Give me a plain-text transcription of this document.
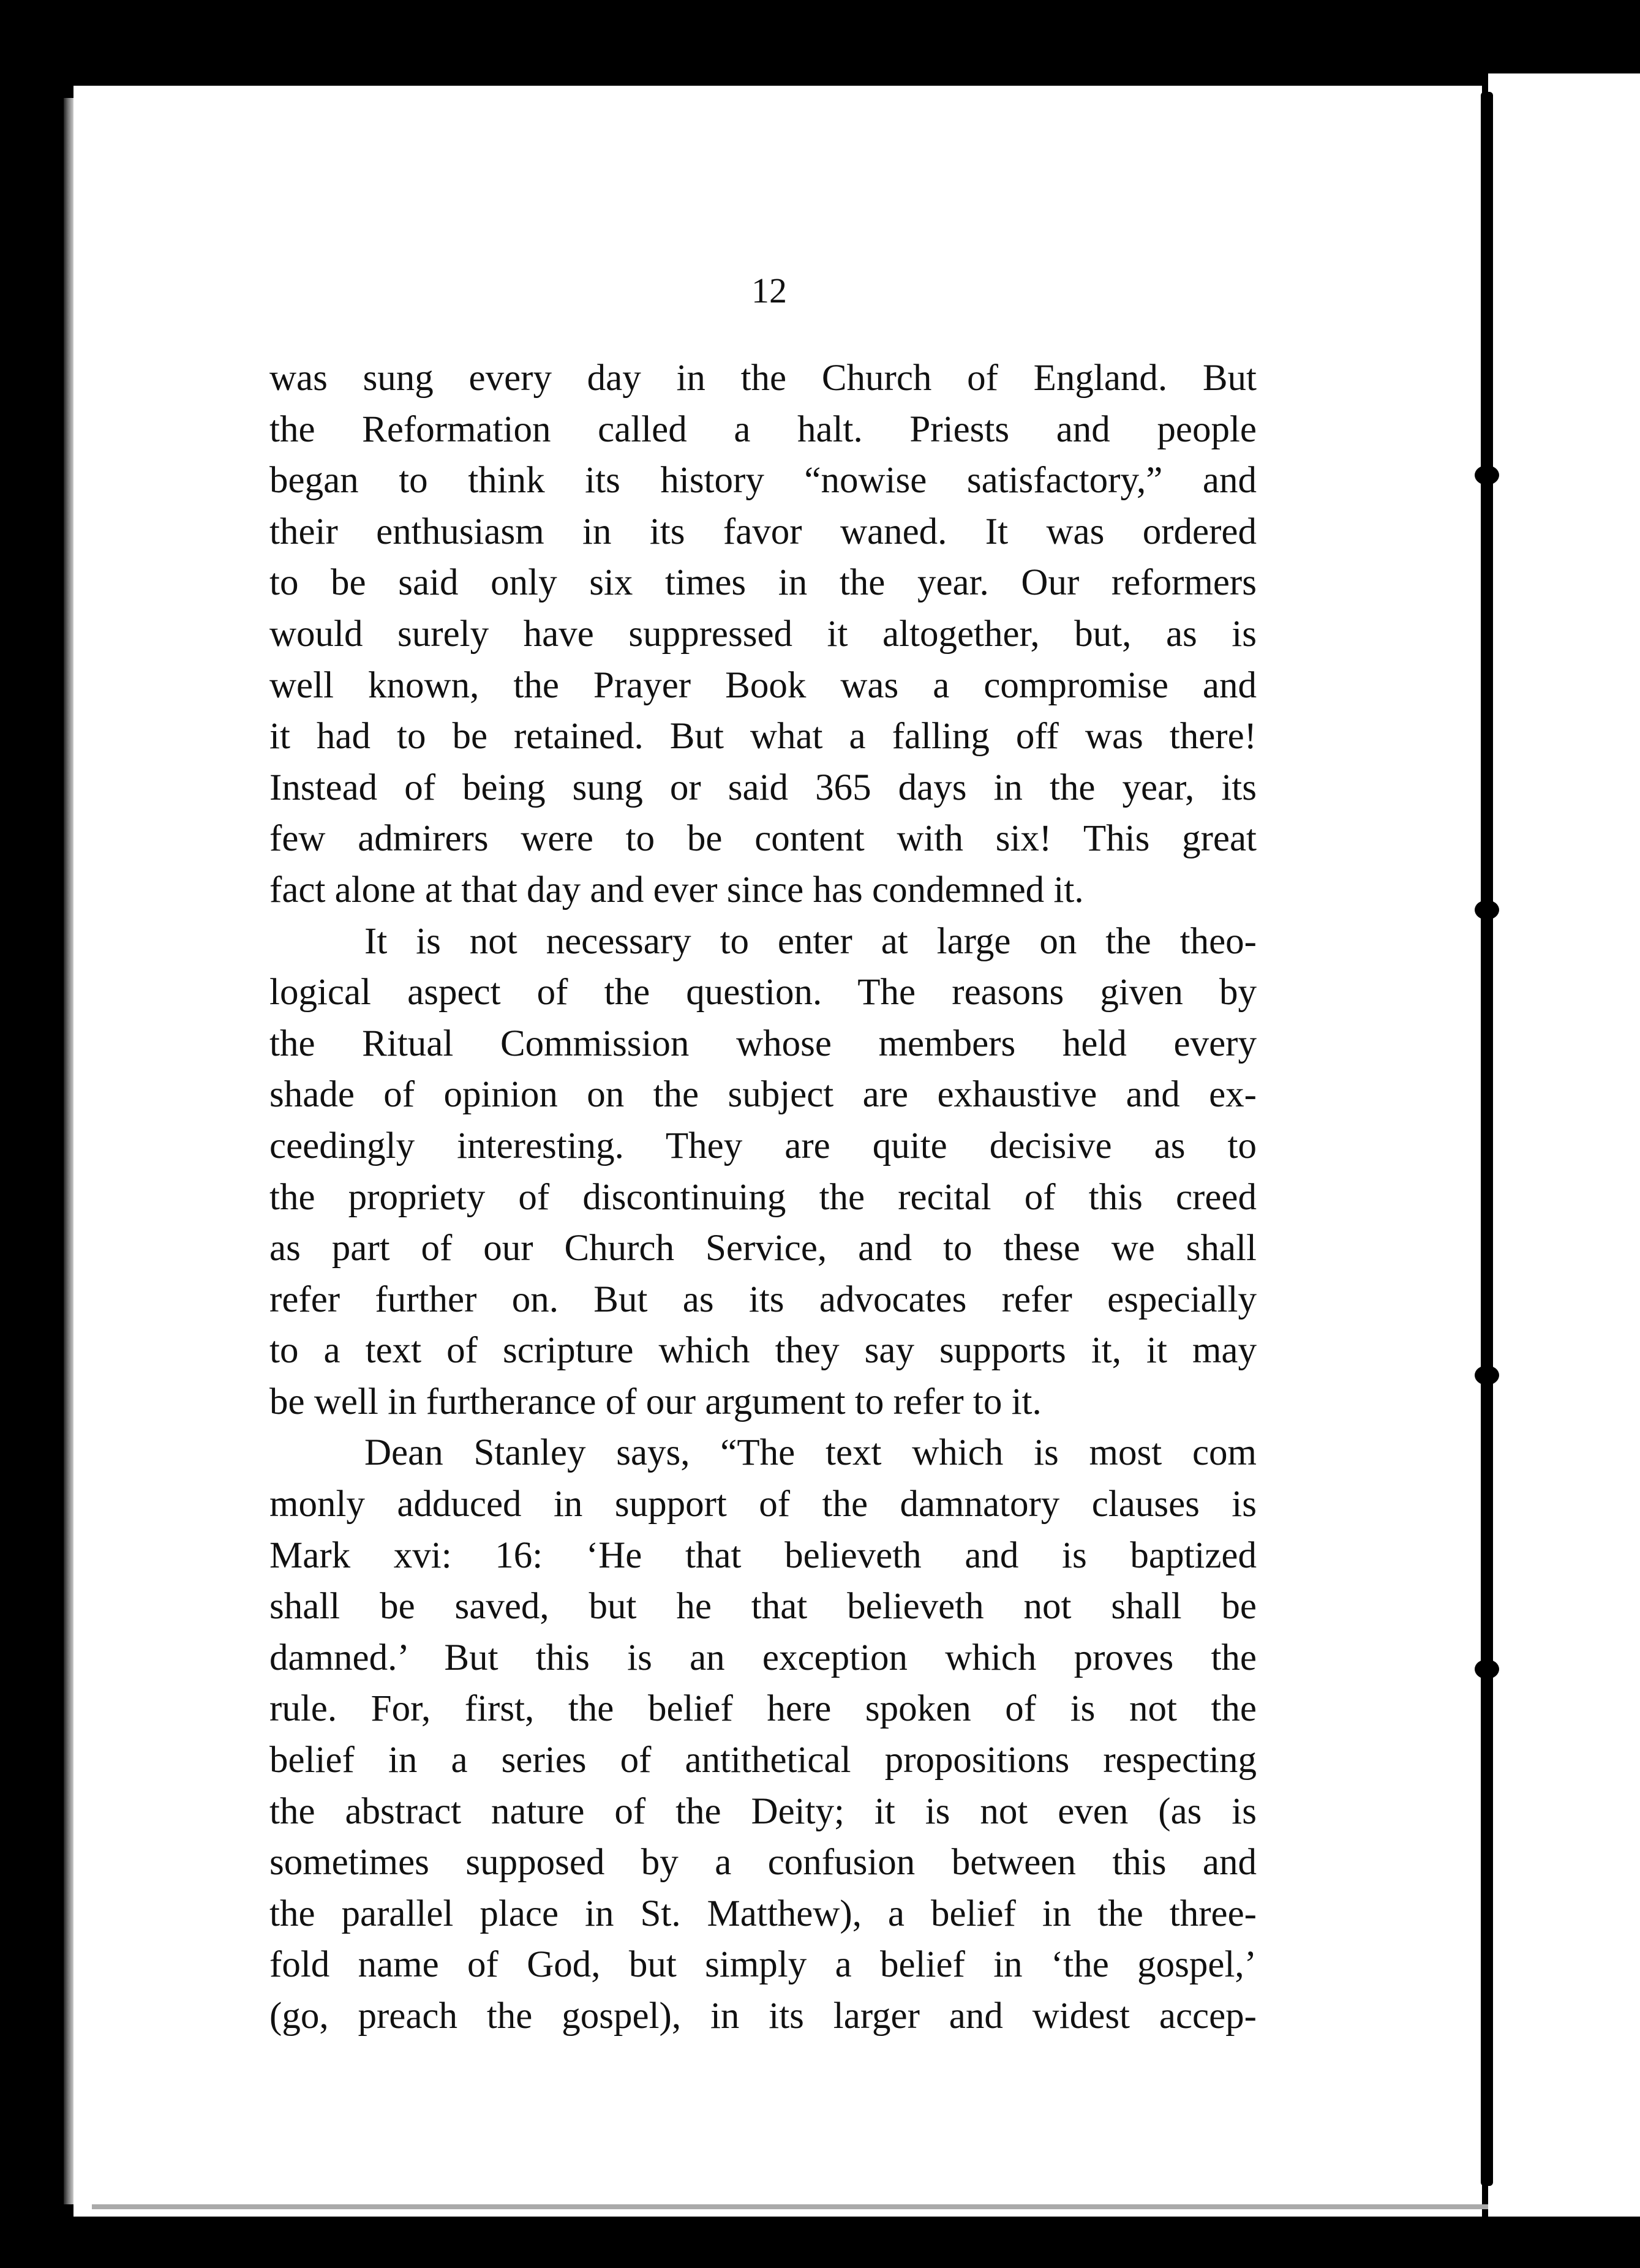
12
was sung every day in the Church of England. But
the Reformation called a halt. Priests and people
began to think its history “nowise satisfactory,” and
their enthusiasm in its favor waned. It was ordered
to be said only six times in the year. Our reformers
would surely have suppressed it altogether, but, as is
well known, the Prayer Book was a compromise and
it had to be retained. But what a falling off was there!
Instead of being sung or said 365 days in the year, its
few admirers were to be content with six! This great
fact alone at that day and ever since has condemned it.
It is not necessary to enter at large on the theo-
logical aspect of the question. The reasons given by
the Ritual Commission whose members held every
shade of opinion on the subject are exhaustive and ex-
ceedingly interesting. They are quite decisive as to
the propriety of discontinuing the recital of this creed
as part of our Church Service, and to these we shall
refer further on. But as its advocates refer especially
to a text of scripture which they say supports it, it may
be well in furtherance of our argument to refer to it.
Dean Stanley says, “The text which is most com
monly adduced in support of the damnatory clauses is
Mark xvi: 16: ‘He that believeth and is baptized
shall be saved, but he that believeth not shall be
damned.’ But this is an exception which proves the
rule. For, first, the belief here spoken of is not the
belief in a series of antithetical propositions respecting
the abstract nature of the Deity; it is not even (as is
sometimes supposed by a confusion between this and
the parallel place in St. Matthew), a belief in the three-
fold name of God, but simply a belief in ‘the gospel,’
(go, preach the gospel), in its larger and widest accep-
